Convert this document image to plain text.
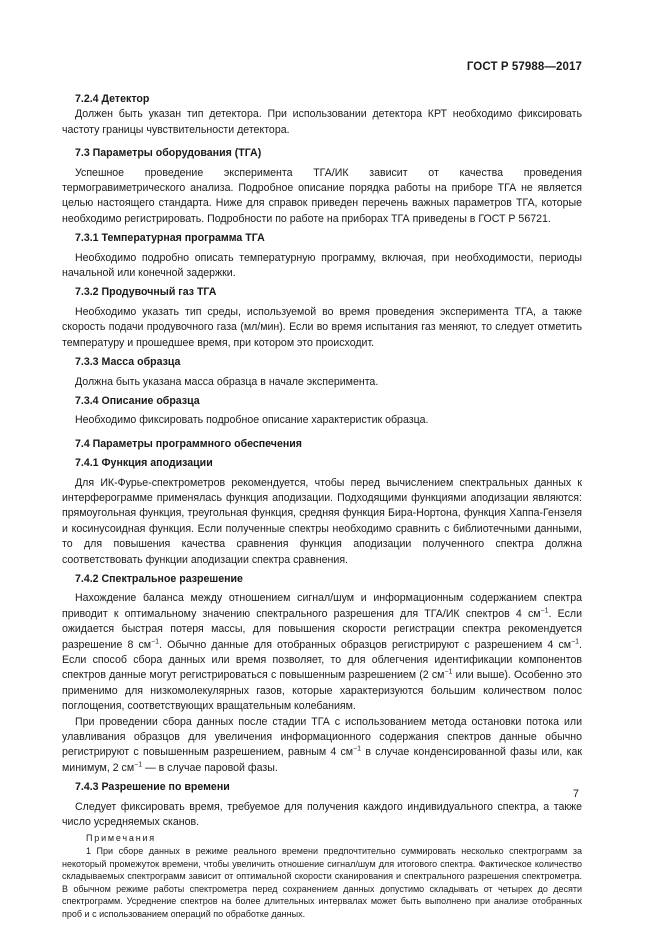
ГОСТ Р 57988—2017

7.2.4 Детектор

Должен быть указан тип детектора. При использовании детектора КРТ необходимо фиксировать частоту границы чувствительности детектора.

7.3 Параметры оборудования (ТГА)

Успешное проведение эксперимента ТГА/ИК зависит от качества проведения термогравиметрического анализа. Подробное описание порядка работы на приборе ТГА не является целью настоящего стандарта. Ниже для справок приведен перечень важных параметров ТГА, которые необходимо регистрировать. Подробности по работе на приборах ТГА приведены в ГОСТ Р 56721.

7.3.1 Температурная программа ТГА

Необходимо подробно описать температурную программу, включая, при необходимости, периоды начальной или конечной задержки.

7.3.2 Продувочный газ ТГА

Необходимо указать тип среды, используемой во время проведения эксперимента ТГА, а также скорость подачи продувочного газа (мл/мин). Если во время испытания газ меняют, то следует отметить температуру и прошедшее время, при котором это происходит.

7.3.3 Масса образца

Должна быть указана масса образца в начале эксперимента.

7.3.4 Описание образца

Необходимо фиксировать подробное описание характеристик образца.

7.4 Параметры программного обеспечения

7.4.1 Функция аподизации

Для ИК-Фурье-спектрометров рекомендуется, чтобы перед вычислением спектральных данных к интерферограмме применялась функция аподизации. Подходящими функциями аподизации являются: прямоугольная функция, треугольная функция, средняя функция Бира-Нортона, функция Хаппа-Гензеля и косинусоидная функция. Если полученные спектры необходимо сравнить с библиотечными данными, то для повышения качества сравнения функция аподизации полученного спектра должна соответствовать функции аподизации спектра сравнения.

7.4.2 Спектральное разрешение

Нахождение баланса между отношением сигнал/шум и информационным содержанием спектра приводит к оптимальному значению спектрального разрешения для ТГА/ИК спектров 4 $см^{-1}$. Если ожидается быстрая потеря массы, для повышения скорости регистрации спектра рекомендуется разрешение 8 $см^{-1}$. Обычно данные для отобранных образцов регистрируют с разрешением 4 $см^{-1}$. Если способ сбора данных или время позволяет, то для облегчения идентификации компонентов спектров данные могут регистрироваться с повышенным разрешением (2 $см^{-1}$ или выше). Особенно это применимо для низкомолекулярных газов, которые характеризуются большим количеством полос поглощения, соответствующих вращательным колебаниям.

При проведении сбора данных после стадии ТГА с использованием метода остановки потока или улавливания образцов для увеличения информационного содержания спектров данные обычно регистрируют с повышенным разрешением, равным 4 $см^{-1}$ в случае конденсированной фазы или, как минимум, 2 $см^{-1}$ — в случае паровой фазы.

7.4.3 Разрешение по времени

Следует фиксировать время, требуемое для получения каждого индивидуального спектра, а также число усредняемых сканов.

Примечания

1 При сборе данных в режиме реального времени предпочтительно суммировать несколько спектрограмм за некоторый промежуток времени, чтобы увеличить отношение сигнал/шум для итогового спектра. Фактическое количество складываемых спектрограмм зависит от оптимальной скорости сканирования и спектрального разрешения спектрометра. В обычном режиме работы спектрометра перед сохранением данных допустимо складывать от четырех до десяти спектрограмм. Усреднение спектров на более длительных интервалах может быть выполнено при анализе отобранных проб и с использованием операций по обработке данных.

7
